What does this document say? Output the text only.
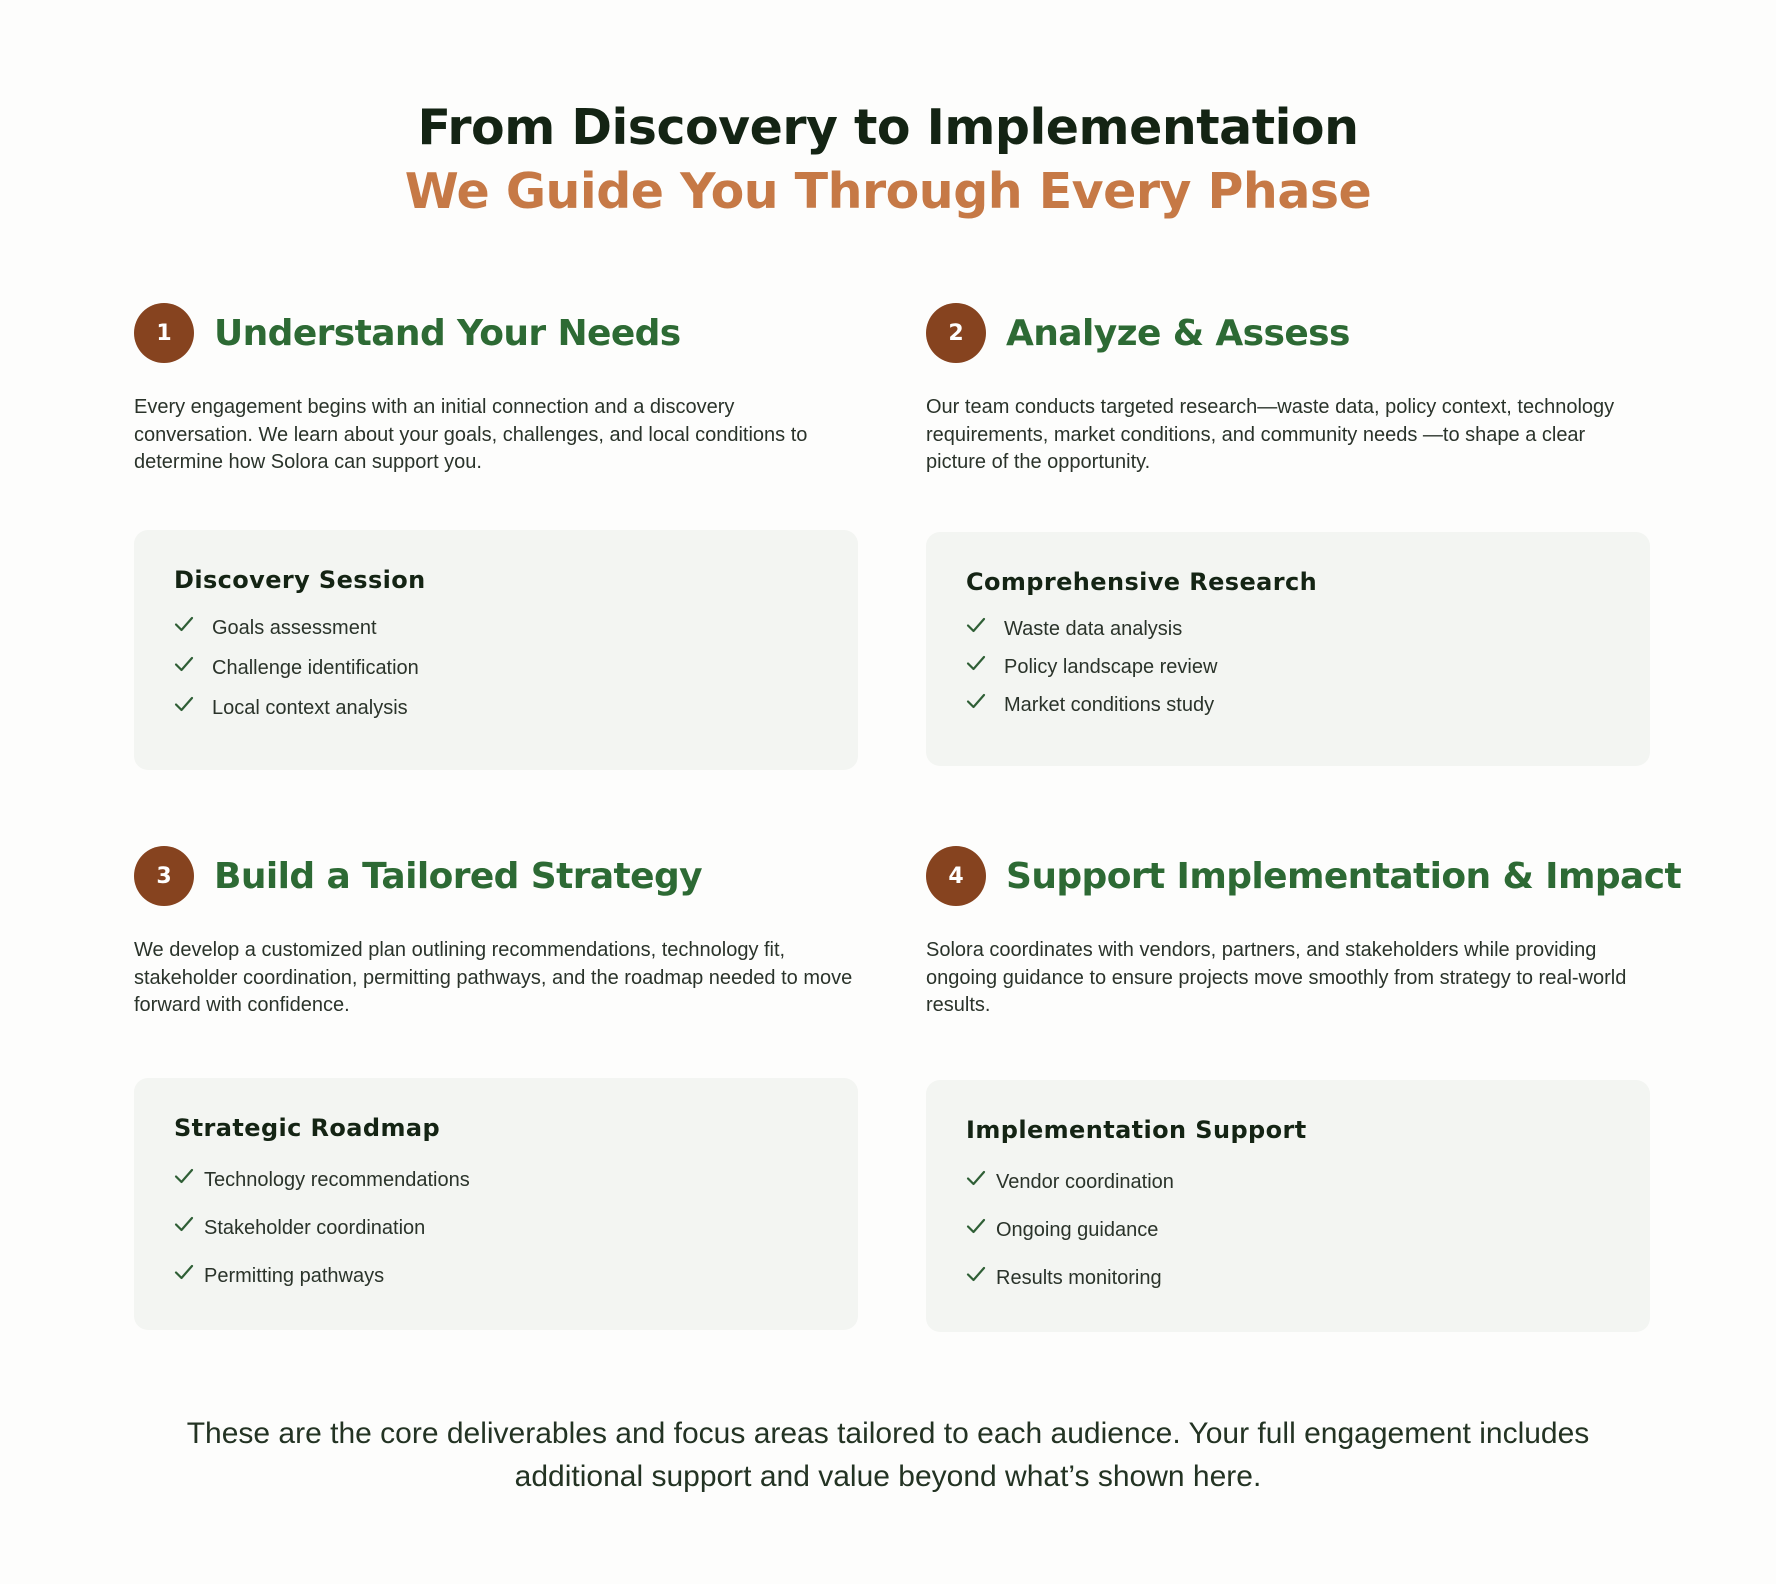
From Discovery to Implementation
We Guide You Through Every Phase
1	Understand Your Needs
Every engagement begins with an initial connection and a discovery conversation. We learn about your goals, challenges, and local conditions to determine how Solora can support you.
Discovery Session
Goals assessment
Challenge identification
Local context analysis
2	Analyze & Assess
Our team conducts targeted research—waste data, policy context, technology requirements, market conditions, and community needs —to shape a clear picture of the opportunity.
Comprehensive Research
Waste data analysis
Policy landscape review
Market conditions study
3	Build a Tailored Strategy
We develop a customized plan outlining recommendations, technology fit, stakeholder coordination, permitting pathways, and the roadmap needed to move forward with confidence.
Strategic Roadmap
Technology recommendations
Stakeholder coordination
Permitting pathways
4	Support Implementation & Impact
Solora coordinates with vendors, partners, and stakeholders while providing ongoing guidance to ensure projects move smoothly from strategy to real-world results.
Implementation Support
Vendor coordination
Ongoing guidance
Results monitoring

These are the core deliverables and focus areas tailored to each audience. Your full engagement includes additional support and value beyond what’s shown here.
